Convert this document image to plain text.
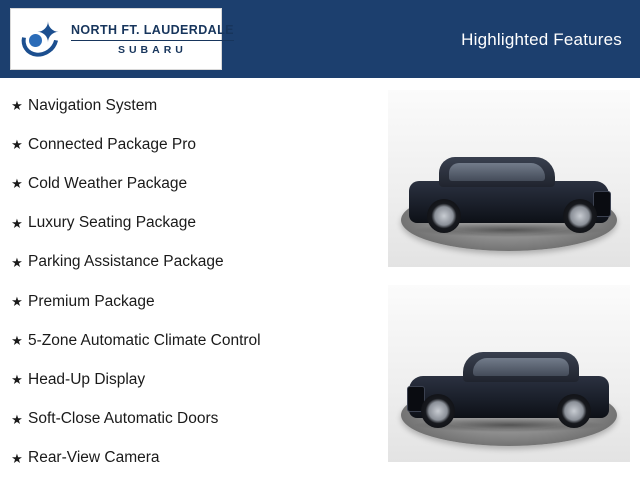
✦ NORTH FT. LAUDERDALE
SUBARU
Highlighted Features
★ Navigation System
★ Connected Package Pro
★ Cold Weather Package
★ Luxury Seating Package
★ Parking Assistance Package
★ Premium Package
★ 5-Zone Automatic Climate Control
★ Head-Up Display
★ Soft-Close Automatic Doors
★ Rear-View Camera
